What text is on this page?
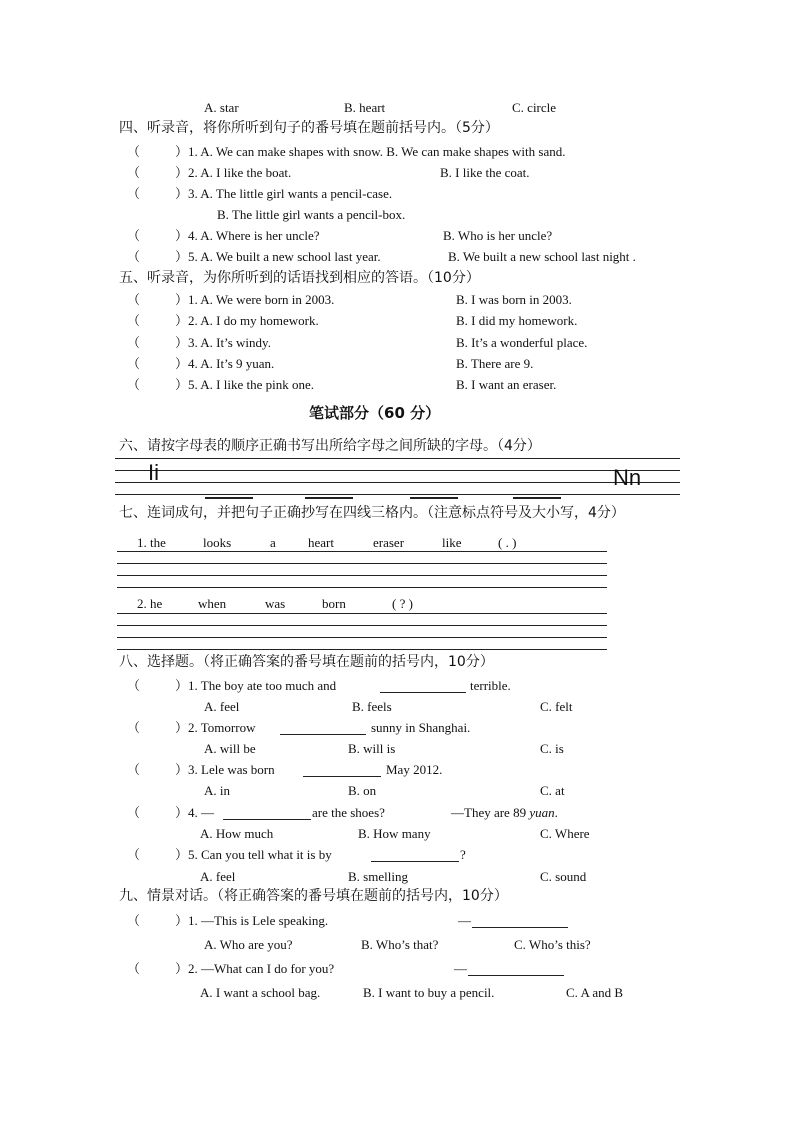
A. star	B. heart	C. circle
四、听录音，将你所听到句子的番号填在题前括号内。（5分）
（	）1. A. We can make shapes with snow. B. We can make shapes with sand.
（	）2. A. I like the boat.	B. I like the coat.
（	）3. A. The little girl wants a pencil-case.
B. The little girl wants a pencil-box.
（	）4. A. Where is her uncle?	B. Who is her uncle?
（	）5. A. We built a new school last year.	B. We built a new school last night .
五、听录音，为你所听到的话语找到相应的答语。（10分）
（	）1. A. We were born in 2003.	B. I was born in 2003.
（	）2. A. I do my homework.	B. I did my homework.
（	）3. A. It’s windy.	B. It’s a wonderful place.
（	）4. A. It’s 9 yuan.	B. There are 9.
（	）5. A. I like the pink one.	B. I want an eraser.
笔试部分（60 分）
六、请按字母表的顺序正确书写出所给字母之间所缺的字母。（4分）
Ii	Nn
七、连词成句，并把句子正确抄写在四线三格内。（注意标点符号及大小写，4分）
1. the	looks	a heart	eraser	like	( . )
2. he	when	was	born	( ? )
八、选择题。（将正确答案的番号填在题前的括号内，10分）
（	）1. The boy ate too much and	terrible.
A. feel	B. feels	C. felt
（	）2. Tomorrow	sunny in Shanghai.
A. will be	B. will is	C. is
（	）3. Lele was born	May 2012.
A. in	B. on	C. at
（	）4. —	are the shoes?	—They are 89 yuan.
A. How much	B. How many	C. Where
（	）5. Can you tell what it is by	?
A. feel	B. smelling	C. sound
九、情景对话。（将正确答案的番号填在题前的括号内，10分）
（	）1. —This is Lele speaking.	—
A. Who are you?	B. Who’s that?	C. Who’s this?
（	）2. —What can I do for you?	—
A. I want a school bag.	B. I want to buy a pencil.	C. A and B
